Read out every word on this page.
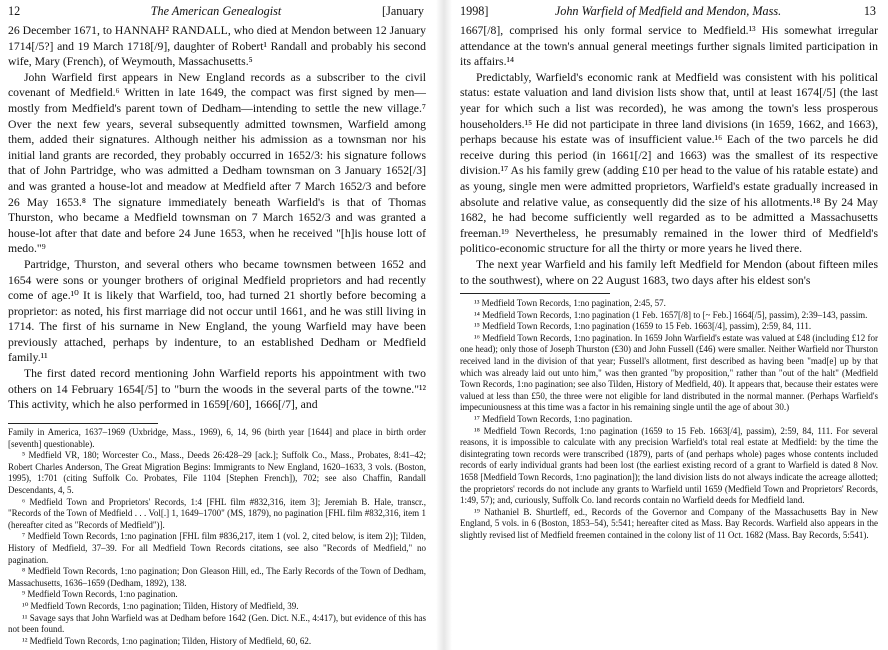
12	The American Genealogist	[January

26 December 1671, to HANNAH² RANDALL, who died at Mendon between 12 January 1714[/5?] and 19 March 1718[/9], daughter of Robert¹ Randall and probably his second wife, Mary (French), of Weymouth, Massachusetts.⁵

John Warfield first appears in New England records as a subscriber to the civil covenant of Medfield.⁶ Written in late 1649, the compact was first signed by men—mostly from Medfield's parent town of Dedham—intending to settle the new village.⁷ Over the next few years, several subsequently admitted townsmen, Warfield among them, added their signatures. Although neither his admission as a townsman nor his initial land grants are recorded, they probably occurred in 1652/3: his signature follows that of John Partridge, who was admitted a Dedham townsman on 3 January 1652[/3] and was granted a house-lot and meadow at Medfield after 7 March 1652/3 and before 26 May 1653.⁸ The signature immediately beneath Warfield's is that of Thomas Thurston, who became a Medfield townsman on 7 March 1652/3 and was granted a house-lot after that date and before 24 June 1653, when he received "[h]is house lott of medo."⁹

Partridge, Thurston, and several others who became townsmen between 1652 and 1654 were sons or younger brothers of original Medfield proprietors and had recently come of age.¹⁰ It is likely that Warfield, too, had turned 21 shortly before becoming a proprietor: as noted, his first marriage did not occur until 1661, and he was still living in 1714. The first of his surname in New England, the young Warfield may have been previously attached, perhaps by indenture, to an established Dedham or Medfield family.¹¹

The first dated record mentioning John Warfield reports his appointment with two others on 14 February 1654[/5] to "burn the woods in the several parts of the towne."¹² This activity, which he also performed in 1659[/60], 1666[/7], and

Family in America, 1637–1969 (Uxbridge, Mass., 1969), 6, 14, 96 (birth year [1644] and place in birth order [seventh] questionable).

⁵ Medfield VR, 180; Worcester Co., Mass., Deeds 26:428–29 [ack.]; Suffolk Co., Mass., Probates, 8:41–42; Robert Charles Anderson, The Great Migration Begins: Immigrants to New England, 1620–1633, 3 vols. (Boston, 1995), 1:701 (citing Suffolk Co. Probates, File 1104 [Stephen French]), 702; see also Chaffin, Randall Descendants, 4, 5.

⁶ Medfield Town and Proprietors' Records, 1:4 [FHL film #832,316, item 3]; Jeremiah B. Hale, transcr., "Records of the Town of Medfield . . . Vol[.] 1, 1649–1700" (MS, 1879), no pagination [FHL film #832,316, item 1 (hereafter cited as "Records of Medfield")].

⁷ Medfield Town Records, 1:no pagination [FHL film #836,217, item 1 (vol. 2, cited below, is item 2)]; Tilden, History of Medfield, 37–39. For all Medfield Town Records citations, see also "Records of Medfield," no pagination.

⁸ Medfield Town Records, 1:no pagination; Don Gleason Hill, ed., The Early Records of the Town of Dedham, Massachusetts, 1636–1659 (Dedham, 1892), 138.

⁹ Medfield Town Records, 1:no pagination.

¹⁰ Medfield Town Records, 1:no pagination; Tilden, History of Medfield, 39.

¹¹ Savage says that John Warfield was at Dedham before 1642 (Gen. Dict. N.E., 4:417), but evidence of this has not been found.

¹² Medfield Town Records, 1:no pagination; Tilden, History of Medfield, 60, 62.

1998]	John Warfield of Medfield and Mendon, Mass.	13

1667[/8], comprised his only formal service to Medfield.¹³ His somewhat irregular attendance at the town's annual general meetings further signals limited participation in its affairs.¹⁴

Predictably, Warfield's economic rank at Medfield was consistent with his political status: estate valuation and land division lists show that, until at least 1674[/5] (the last year for which such a list was recorded), he was among the town's less prosperous householders.¹⁵ He did not participate in three land divisions (in 1659, 1662, and 1663), perhaps because his estate was of insufficient value.¹⁶ Each of the two parcels he did receive during this period (in 1661[/2] and 1663) was the smallest of its respective division.¹⁷ As his family grew (adding £10 per head to the value of his ratable estate) and as young, single men were admitted proprietors, Warfield's estate gradually increased in absolute and relative value, as consequently did the size of his allotments.¹⁸ By 24 May 1682, he had become sufficiently well regarded as to be admitted a Massachusetts freeman.¹⁹ Nevertheless, he presumably remained in the lower third of Medfield's politico-economic structure for all the thirty or more years he lived there.

The next year Warfield and his family left Medfield for Mendon (about fifteen miles to the southwest), where on 22 August 1683, two days after his eldest son's

¹³ Medfield Town Records, 1:no pagination, 2:45, 57.

¹⁴ Medfield Town Records, 1:no pagination (1 Feb. 1657[/8] to [~ Feb.] 1664[/5], passim), 2:39–143, passim.

¹⁵ Medfield Town Records, 1:no pagination (1659 to 15 Feb. 1663[/4], passim), 2:59, 84, 111.

¹⁶ Medfield Town Records, 1:no pagination. In 1659 John Warfield's estate was valued at £48 (including £12 for one head); only those of Joseph Thurston (£30) and John Fussell (£46) were smaller. Neither Warfield nor Thurston received land in the division of that year; Fussell's allotment, first described as having been "mad[e] up by that which was already laid out unto him," was then granted "by proposition," rather than "out of the halt" (Medfield Town Records, 1:no pagination; see also Tilden, History of Medfield, 40). It appears that, because their estates were valued at less than £50, the three were not eligible for land distributed in the normal manner. (Perhaps Warfield's impecuniousness at this time was a factor in his remaining single until the age of about 30.)

¹⁷ Medfield Town Records, 1:no pagination.

¹⁸ Medfield Town Records, 1:no pagination (1659 to 15 Feb. 1663[/4], passim), 2:59, 84, 111. For several reasons, it is impossible to calculate with any precision Warfield's total real estate at Medfield: by the time the disintegrating town records were transcribed (1879), parts of (and perhaps whole) pages whose contents included records of early individual grants had been lost (the earliest existing record of a grant to Warfield is dated 8 Nov. 1658 [Medfield Town Records, 1:no pagination]); the land division lists do not always indicate the acreage allotted; the proprietors' records do not include any grants to Warfield until 1659 (Medfield Town and Proprietors' Records, 1:49, 57); and, curiously, Suffolk Co. land records contain no Warfield deeds for Medfield land.

¹⁹ Nathaniel B. Shurtleff, ed., Records of the Governor and Company of the Massachusetts Bay in New England, 5 vols. in 6 (Boston, 1853–54), 5:541; hereafter cited as Mass. Bay Records. Warfield also appears in the slightly revised list of Medfield freemen contained in the colony list of 11 Oct. 1682 (Mass. Bay Records, 5:541).
